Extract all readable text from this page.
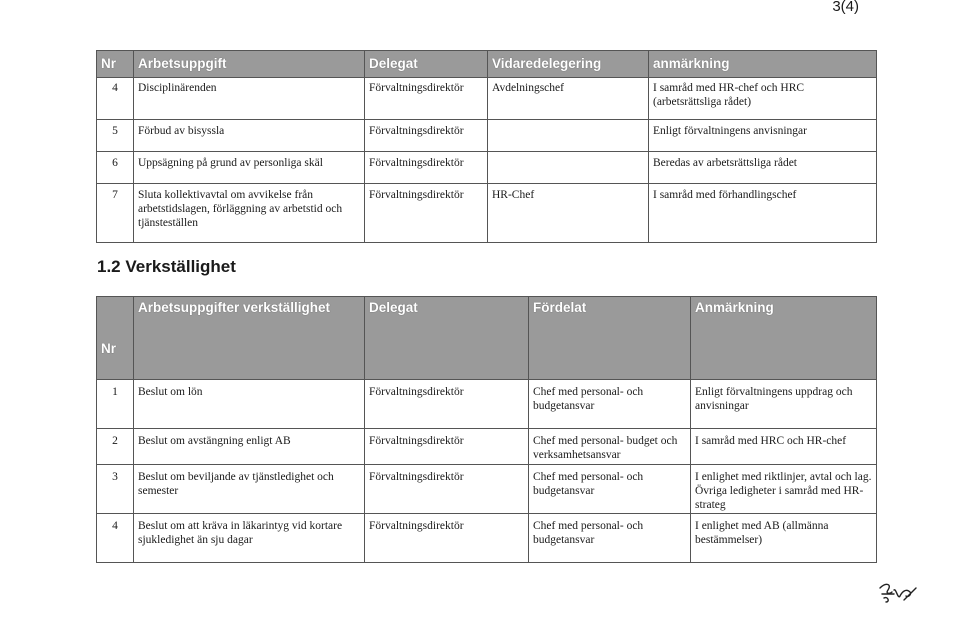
3(4)
Nr	Arbetsuppgift	Delegat	Vidaredelegering	anmärkning
4	Disciplinärenden	Förvaltningsdirektör	Avdelningschef	I samråd med HR-chef och HRC (arbetsrättsliga rådet)
5	Förbud av bisyssla	Förvaltningsdirektör		Enligt förvaltningens anvisningar
6	Uppsägning på grund av personliga skäl	Förvaltningsdirektör		Beredas av arbetsrättsliga rådet
7	Sluta kollektivavtal om avvikelse från arbetstidslagen, förläggning av arbetstid och tjänsteställen	Förvaltningsdirektör	HR-Chef	I samråd med förhandlingschef
1.2 Verkställighet
Nr	Arbetsuppgifter verkställighet	Delegat	Fördelat	Anmärkning
1	Beslut om lön	Förvaltningsdirektör	Chef med personal- och budgetansvar	Enligt förvaltningens uppdrag och anvisningar
2	Beslut om avstängning enligt AB	Förvaltningsdirektör	Chef med personal- budget och verksamhetsansvar	I samråd med HRC och HR-chef
3	Beslut om beviljande av tjänstledighet och semester	Förvaltningsdirektör	Chef med personal- och budgetansvar	I enlighet med riktlinjer, avtal och lag. Övriga ledigheter i samråd med HR-strateg
4	Beslut om att kräva in läkarintyg vid kortare sjukledighet än sju dagar	Förvaltningsdirektör	Chef med personal- och budgetansvar	I enlighet med AB (allmänna bestämmelser)
